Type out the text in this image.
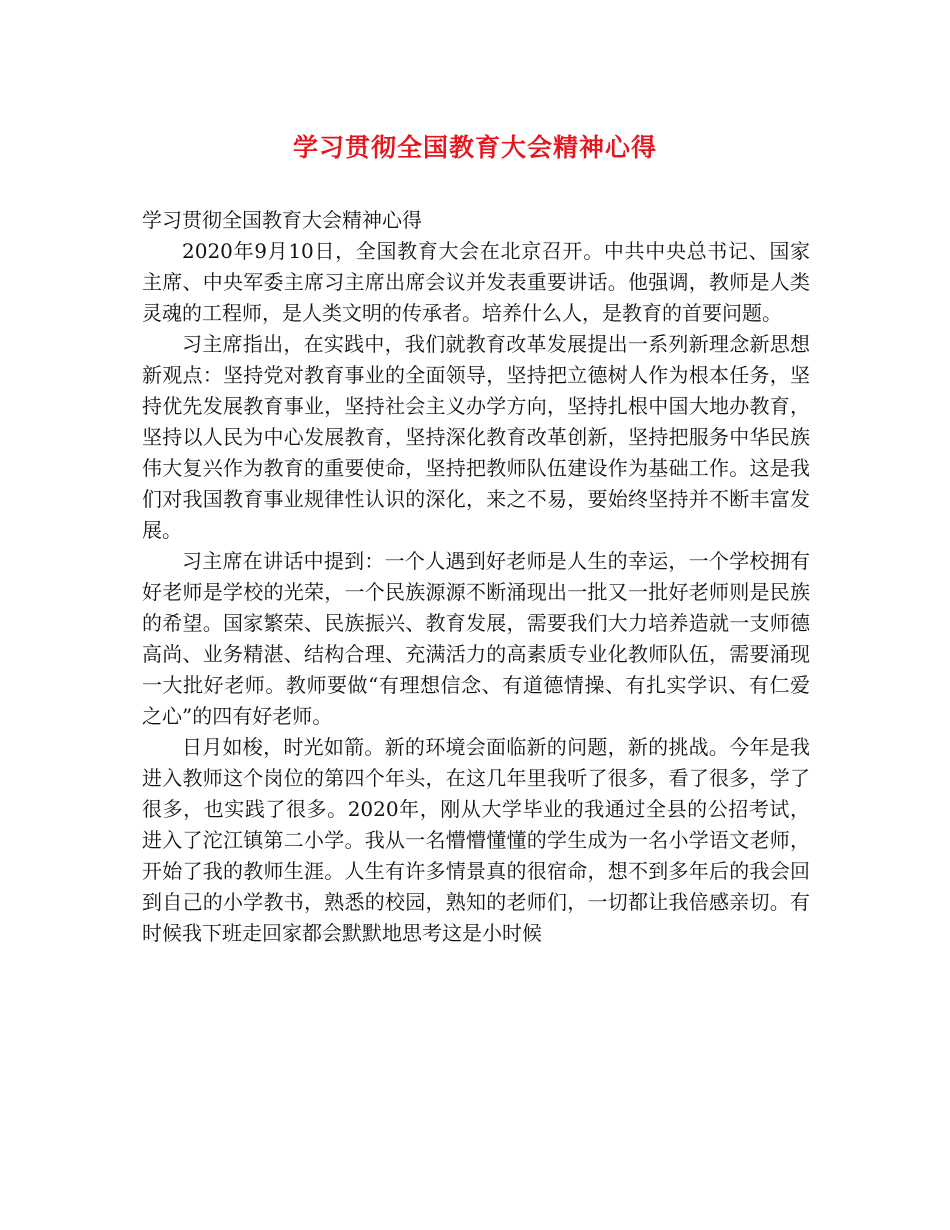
学习贯彻全国教育大会精神心得

学习贯彻全国教育大会精神心得

2020年9月10日，全国教育大会在北京召开。中共中央总书记、国家主席、中央军委主席习主席出席会议并发表重要讲话。他强调，教师是人类灵魂的工程师，是人类文明的传承者。培养什么人，是教育的首要问题。

习主席指出，在实践中，我们就教育改革发展提出一系列新理念新思想新观点：坚持党对教育事业的全面领导，坚持把立德树人作为根本任务，坚持优先发展教育事业，坚持社会主义办学方向，坚持扎根中国大地办教育，坚持以人民为中心发展教育，坚持深化教育改革创新，坚持把服务中华民族伟大复兴作为教育的重要使命，坚持把教师队伍建设作为基础工作。这是我们对我国教育事业规律性认识的深化，来之不易，要始终坚持并不断丰富发展。

习主席在讲话中提到：一个人遇到好老师是人生的幸运，一个学校拥有好老师是学校的光荣，一个民族源源不断涌现出一批又一批好老师则是民族的希望。国家繁荣、民族振兴、教育发展，需要我们大力培养造就一支师德高尚、业务精湛、结构合理、充满活力的高素质专业化教师队伍，需要涌现一大批好老师。教师要做“有理想信念、有道德情操、有扎实学识、有仁爱之心”的四有好老师。

日月如梭，时光如箭。新的环境会面临新的问题，新的挑战。今年是我进入教师这个岗位的第四个年头，在这几年里我听了很多，看了很多，学了很多，也实践了很多。2020年，刚从大学毕业的我通过全县的公招考试，进入了沱江镇第二小学。我从一名懵懵懂懂的学生成为一名小学语文老师，开始了我的教师生涯。人生有许多情景真的很宿命，想不到多年后的我会回到自己的小学教书，熟悉的校园，熟知的老师们，一切都让我倍感亲切。有时候我下班走回家都会默默地思考这是小时候
